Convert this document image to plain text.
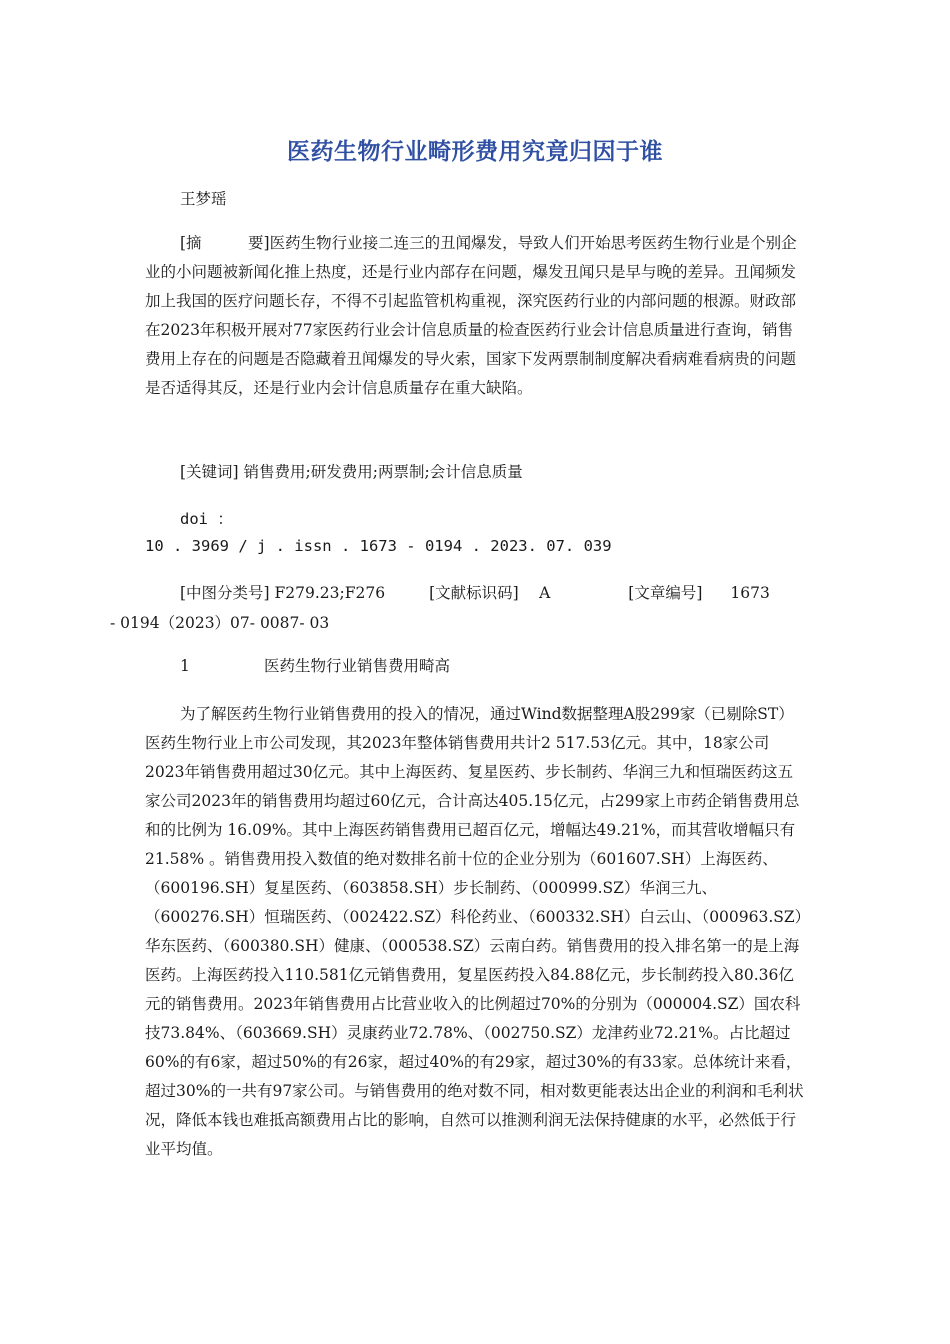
医药生物行业畸形费用究竟归因于谁
王梦瑶
[摘　　　要]医药生物行业接二连三的丑闻爆发，导致人们开始思考医药生物行业是个别企业的小问题被新闻化推上热度，还是行业内部存在问题，爆发丑闻只是早与晚的差异。丑闻频发加上我国的医疗问题长存，不得不引起监管机构重视，深究医药行业的内部问题的根源。财政部在2023年积极开展对77家医药行业会计信息质量的检查医药行业会计信息质量进行查询，销售费用上存在的问题是否隐藏着丑闻爆发的导火索，国家下发两票制制度解决看病难看病贵的问题是否适得其反，还是行业内会计信息质量存在重大缺陷。
[关键词] 销售费用;研发费用;两票制;会计信息质量
doi ：
10 . 3969 / j . issn . 1673 - 0194 . 2023. 07. 039
[中图分类号] F279.23;F276	[文献标识码]　 A	[文章编号] 1673
- 0194（2023）07- 0087- 03
1	医药生物行业销售费用畸高
为了解医药生物行业销售费用的投入的情况，通过Wind数据整理A股299家（已剔除ST）医药生物行业上市公司发现，其2023年整体销售费用共计2 517.53亿元。其中，18家公司2023年销售费用超过30亿元。其中上海医药、复星医药、步长制药、华润三九和恒瑞医药这五家公司2023年的销售费用均超过60亿元，合计高达405.15亿元，占299家上市药企销售费用总和的比例为 16.09%。其中上海医药销售费用已超百亿元，增幅达49.21%，而其营收增幅只有 21.58% 。销售费用投入数值的绝对数排名前十位的企业分别为（601607.SH）上海医药、（600196.SH）复星医药、（603858.SH）步长制药、（000999.SZ）华润三九、（600276.SH）恒瑞医药、（002422.SZ）科伦药业、（600332.SH）白云山、（000963.SZ）华东医药、（600380.SH）健康、（000538.SZ）云南白药。销售费用的投入排名第一的是上海医药。上海医药投入110.581亿元销售费用，复星医药投入84.88亿元，步长制药投入80.36亿元的销售费用。2023年销售费用占比营业收入的比例超过70%的分别为（000004.SZ）国农科技73.84%、（603669.SH）灵康药业72.78%、（002750.SZ）龙津药业72.21%。占比超过60%的有6家，超过50%的有26家，超过40%的有29家，超过30%的有33家。总体统计来看，超过30%的一共有97家公司。与销售费用的绝对数不同，相对数更能表达出企业的利润和毛利状况，降低本钱也难抵高额费用占比的影响，自然可以推测利润无法保持健康的水平，必然低于行业平均值。
